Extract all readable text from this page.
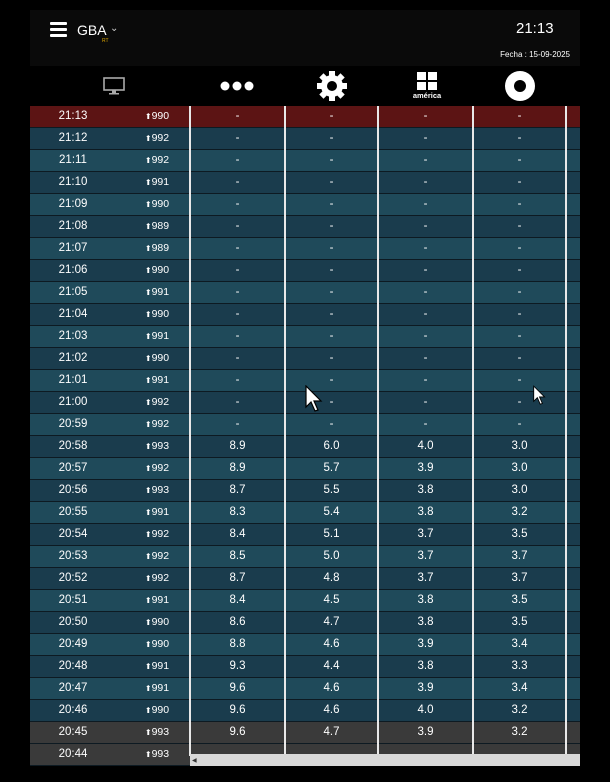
GBA ⌄
RT
21:13
Fecha : 15-09-2025
américa
21:13	⬆990	-	-	-	-
21:12	⬆992	-	-	-	-
21:11	⬆992	-	-	-	-
21:10	⬆991	-	-	-	-
21:09	⬆990	-	-	-	-
21:08	⬆989	-	-	-	-
21:07	⬆989	-	-	-	-
21:06	⬆990	-	-	-	-
21:05	⬆991	-	-	-	-
21:04	⬆990	-	-	-	-
21:03	⬆991	-	-	-	-
21:02	⬆990	-	-	-	-
21:01	⬆991	-	-	-	-
21:00	⬆992	-	-	-	-
20:59	⬆992	-	-	-	-
20:58	⬆993	8.9	6.0	4.0	3.0
20:57	⬆992	8.9	5.7	3.9	3.0
20:56	⬆993	8.7	5.5	3.8	3.0
20:55	⬆991	8.3	5.4	3.8	3.2
20:54	⬆992	8.4	5.1	3.7	3.5
20:53	⬆992	8.5	5.0	3.7	3.7
20:52	⬆992	8.7	4.8	3.7	3.7
20:51	⬆991	8.4	4.5	3.8	3.5
20:50	⬆990	8.6	4.7	3.8	3.5
20:49	⬆990	8.8	4.6	3.9	3.4
20:48	⬆991	9.3	4.4	3.8	3.3
20:47	⬆991	9.6	4.6	3.9	3.4
20:46	⬆990	9.6	4.6	4.0	3.2
20:45	⬆993	9.6	4.7	3.9	3.2
20:44	⬆993
◀
